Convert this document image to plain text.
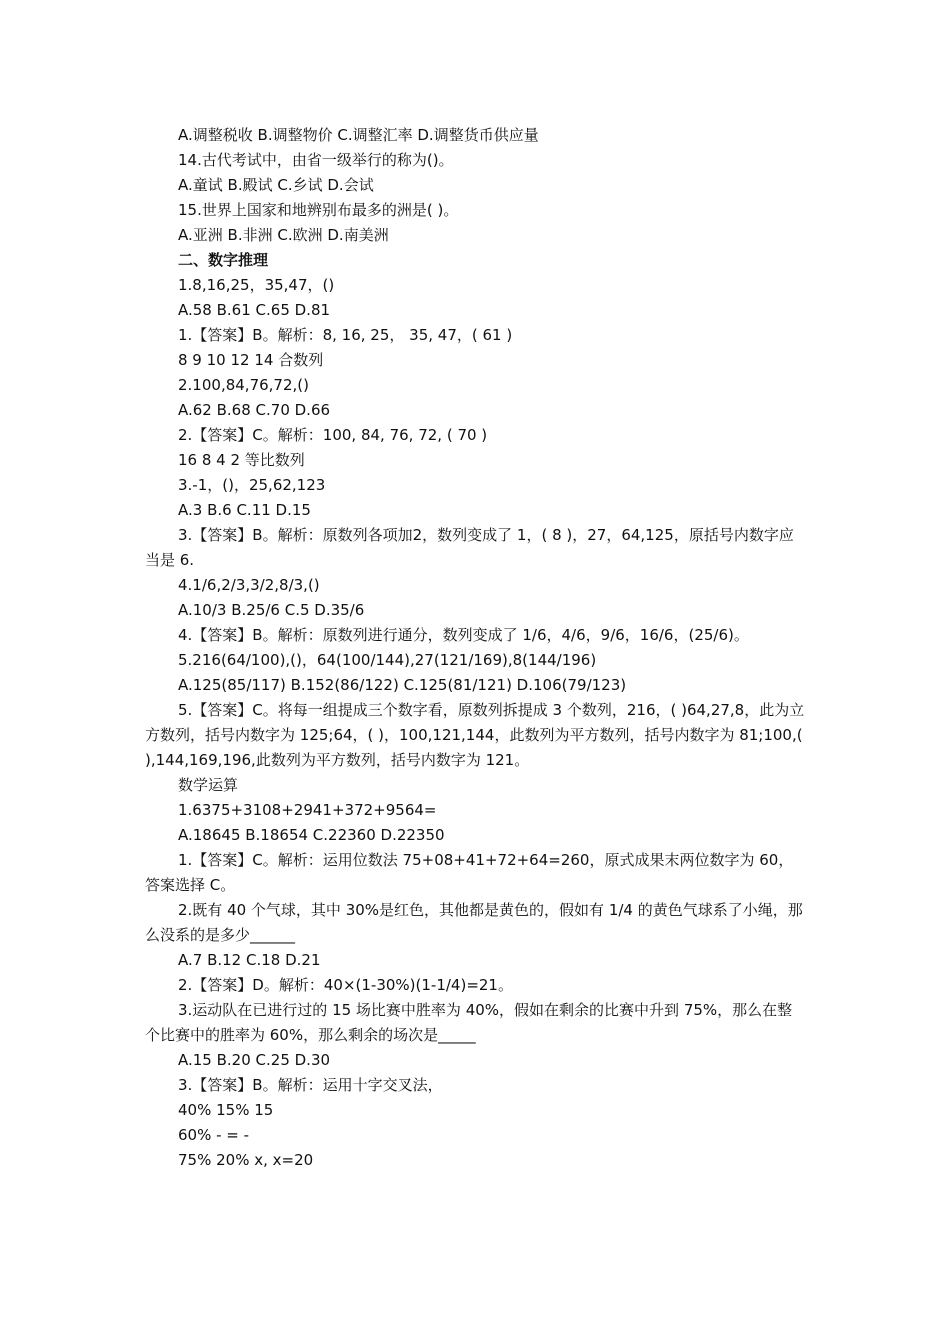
A.调整税收 B.调整物价 C.调整汇率 D.调整货币供应量
14.古代考试中，由省一级举行的称为()。
A.童试 B.殿试 C.乡试 D.会试
15.世界上国家和地辨别布最多的洲是( )。
A.亚洲 B.非洲 C.欧洲 D.南美洲
二、数字推理
1.8,16,25，35,47，()
A.58 B.61 C.65 D.81
1.【答案】B。解析：8, 16, 25， 35, 47，( 61 )
8 9 10 12 14 合数列
2.100,84,76,72,()
A.62 B.68 C.70 D.66
2.【答案】C。解析：100, 84, 76, 72, ( 70 )
16 8 4 2 等比数列
3.-1，()，25,62,123
A.3 B.6 C.11 D.15
3.【答案】B。解析：原数列各项加2，数列变成了 1，( 8 )，27，64,125，原括号内数字应当是 6.
4.1/6,2/3,3/2,8/3,()
A.10/3 B.25/6 C.5 D.35/6
4.【答案】B。解析：原数列进行通分，数列变成了 1/6，4/6，9/6，16/6，(25/6)。
5.216(64/100),()，64(100/144),27(121/169),8(144/196)
A.125(85/117) B.152(86/122) C.125(81/121) D.106(79/123)
5.【答案】C。将每一组提成三个数字看，原数列拆提成 3 个数列，216，( )64,27,8，此为立方数列，括号内数字为 125;64，( )，100,121,144，此数列为平方数列，括号内数字为 81;100,( ),144,169,196,此数列为平方数列，括号内数字为 121。
数学运算
1.6375+3108+2941+372+9564=
A.18645 B.18654 C.22360 D.22350
1.【答案】C。解析：运用位数法 75+08+41+72+64=260，原式成果末两位数字为 60，答案选择 C。
2.既有 40 个气球，其中 30%是红色，其他都是黄色的，假如有 1/4 的黄色气球系了小绳，那么没系的是多少______
A.7 B.12 C.18 D.21
2.【答案】D。解析：40×(1-30%)(1-1/4)=21。
3.运动队在已进行过的 15 场比赛中胜率为 40%，假如在剩余的比赛中升到 75%，那么在整个比赛中的胜率为 60%，那么剩余的场次是_____
A.15 B.20 C.25 D.30
3.【答案】B。解析：运用十字交叉法，
40% 15% 15
60% - = -
75% 20% x, x=20
